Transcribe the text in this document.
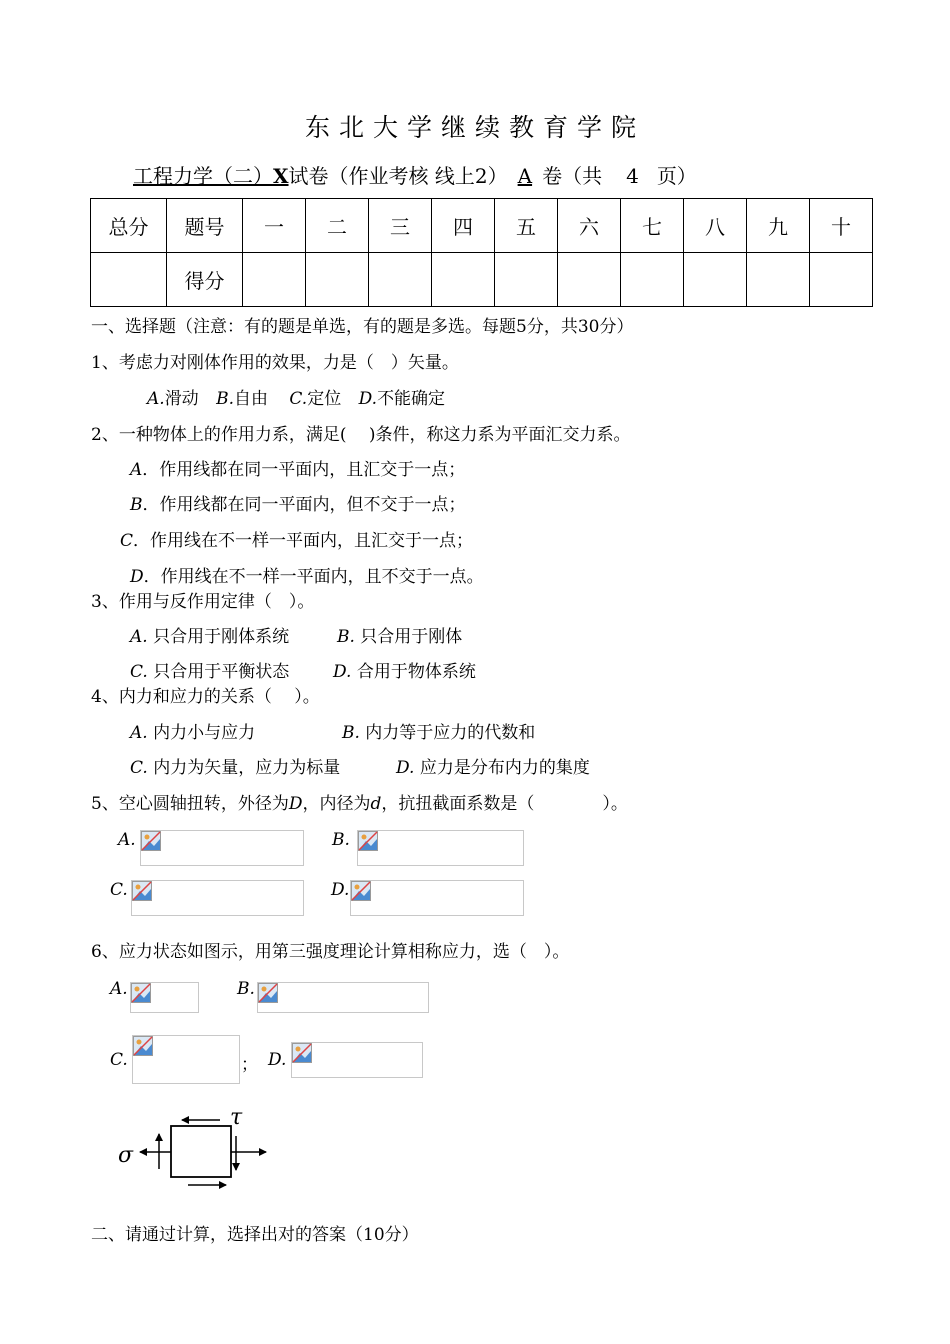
东北大学继续教育学院
工程力学（二）X试卷（作业考核 线上2） A 卷（共 4 页）
总分	题号	一	二	三	四	五	六	七	八	九	十
	得分										
一、选择题（注意：有的题是单选，有的题是多选。每题5分，共30分）
1、考虑力对刚体作用的效果，力是（　）矢量。
A.滑动 B.自由 C.定位 D.不能确定
2、一种物体上的作用力系，满足(　 )条件，称这力系为平面汇交力系。
A．作用线都在同一平面内，且汇交于一点；
B．作用线都在同一平面内，但不交于一点；
C．作用线在不一样一平面内，且汇交于一点；
D．作用线在不一样一平面内，且不交于一点。
3、作用与反作用定律（　）。
A. 只合用于刚体系统	B. 只合用于刚体
C. 只合用于平衡状态	D. 合用于物体系统
4、内力和应力的关系（　 ）。
A. 内力小与应力	B. 内力等于应力的代数和
C. 内力为矢量，应力为标量	D. 应力是分布内力的集度
5、空心圆轴扭转，外径为D，内径为d，抗扭截面系数是（　　　　）。
A.	B.
C.	D.
6、应力状态如图示，用第三强度理论计算相称应力，选（　）。
A.	B.
C.	； D.
σ
τ
二、请通过计算，选择出对的答案（10分）
